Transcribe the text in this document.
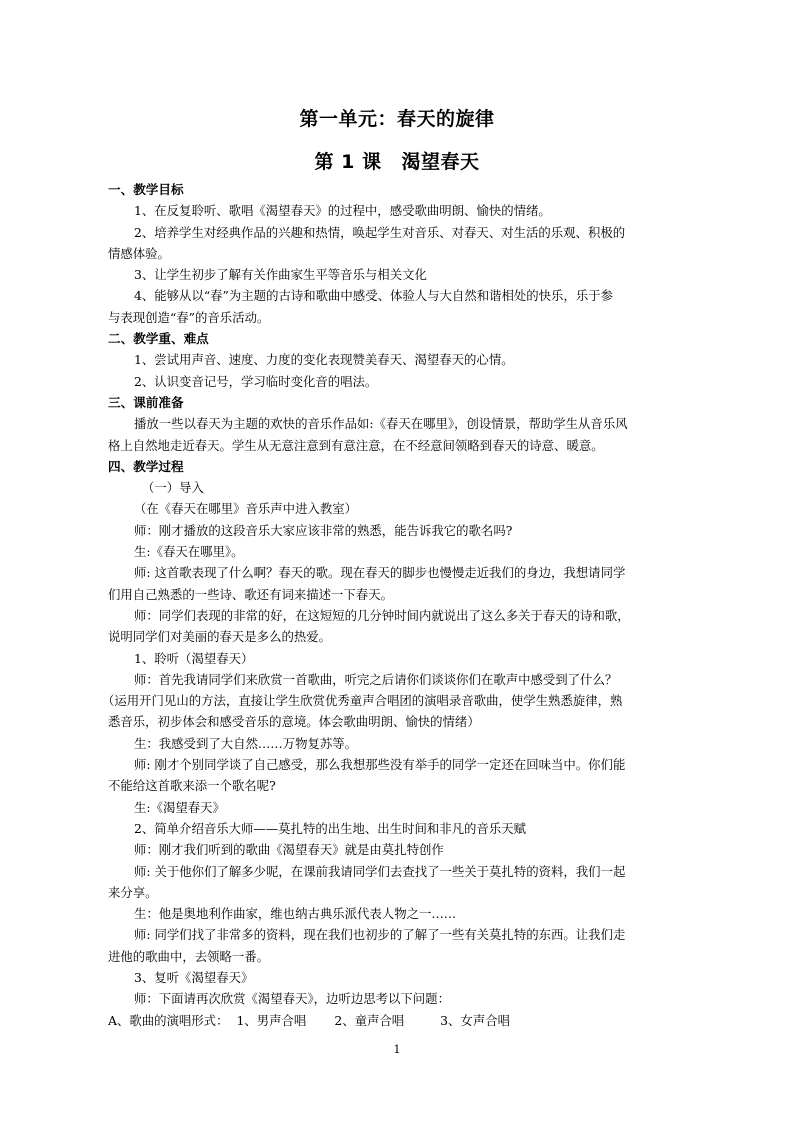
第一单元：春天的旋律
第 1 课 渴望春天
一、教学目标
1、在反复聆听、歌唱《渴望春天》的过程中，感受歌曲明朗、愉快的情绪。
2、培养学生对经典作品的兴趣和热情，唤起学生对音乐、对春天、对生活的乐观、积极的
情感体验。
3、让学生初步了解有关作曲家生平等音乐与相关文化
4、能够从以“春”为主题的古诗和歌曲中感受、体验人与大自然和谐相处的快乐，乐于参
与表现创造“春”的音乐活动。
二、教学重、难点
1、尝试用声音、速度、力度的变化表现赞美春天、渴望春天的心情。
2、认识变音记号，学习临时变化音的唱法。
三、课前准备
播放一些以春天为主题的欢快的音乐作品如:《春天在哪里》，创设情景，帮助学生从音乐风
格上自然地走近春天。学生从无意注意到有意注意，在不经意间领略到春天的诗意、暖意。
四、教学过程
（一）导入
（在《春天在哪里》音乐声中进入教室）
师：刚才播放的这段音乐大家应该非常的熟悉，能告诉我它的歌名吗?
生:《春天在哪里》。
师: 这首歌表现了什么啊？春天的歌。现在春天的脚步也慢慢走近我们的身边，我想请同学
们用自己熟悉的一些诗、歌还有词来描述一下春天。
师：同学们表现的非常的好，在这短短的几分钟时间内就说出了这么多关于春天的诗和歌，
说明同学们对美丽的春天是多么的热爱。
1、聆听（渴望春天）
师：首先我请同学们来欣赏一首歌曲，听完之后请你们谈谈你们在歌声中感受到了什么？
（运用开门见山的方法，直接让学生欣赏优秀童声合唱团的演唱录音歌曲，使学生熟悉旋律，熟
悉音乐，初步体会和感受音乐的意境。体会歌曲明朗、愉快的情绪）
生：我感受到了大自然……万物复苏等。
师: 刚才个别同学谈了自己感受，那么我想那些没有举手的同学一定还在回味当中。你们能
不能给这首歌来添一个歌名呢?
生:《渴望春天》
2、简单介绍音乐大师——莫扎特的出生地、出生时间和非凡的音乐天赋
师：刚才我们听到的歌曲《渴望春天》就是由莫扎特创作
师: 关于他你们了解多少呢，在课前我请同学们去查找了一些关于莫扎特的资料，我们一起
来分享。
生：他是奥地利作曲家，维也纳古典乐派代表人物之一……
师: 同学们找了非常多的资料，现在我们也初步的了解了一些有关莫扎特的东西。让我们走
进他的歌曲中，去领略一番。
3、复听《渴望春天》
师：下面请再次欣赏《渴望春天》，边听边思考以下问题：
A、歌曲的演唱形式： 1、男声合唱 2、童声合唱	3、女声合唱
1
